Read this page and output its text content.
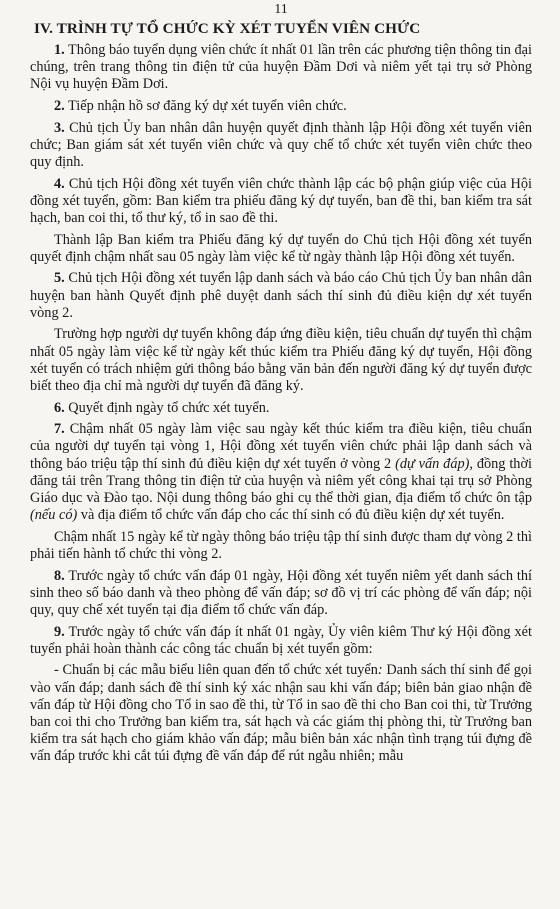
11
IV. TRÌNH TỰ TỔ CHỨC KỲ XÉT TUYỂN VIÊN CHỨC

1. Thông báo tuyển dụng viên chức ít nhất 01 lần trên các phương tiện thông tin đại chúng, trên trang thông tin điện tử của huyện Đầm Dơi và niêm yết tại trụ sở Phòng Nội vụ huyện Đầm Dơi.

2. Tiếp nhận hồ sơ đăng ký dự xét tuyển viên chức.

3. Chủ tịch Ủy ban nhân dân huyện quyết định thành lập Hội đồng xét tuyển viên chức; Ban giám sát xét tuyển viên chức và quy chế tổ chức xét tuyển viên chức theo quy định.

4. Chủ tịch Hội đồng xét tuyển viên chức thành lập các bộ phận giúp việc của Hội đồng xét tuyển, gồm: Ban kiểm tra phiếu đăng ký dự tuyển, ban đề thi, ban kiểm tra sát hạch, ban coi thi, tổ thư ký, tổ in sao đề thi.

Thành lập Ban kiểm tra Phiếu đăng ký dự tuyển do Chủ tịch Hội đồng xét tuyển quyết định chậm nhất sau 05 ngày làm việc kể từ ngày thành lập Hội đồng xét tuyển.

5. Chủ tịch Hội đồng xét tuyển lập danh sách và báo cáo Chủ tịch Ủy ban nhân dân huyện ban hành Quyết định phê duyệt danh sách thí sinh đủ điều kiện dự xét tuyển vòng 2.

Trường hợp người dự tuyển không đáp ứng điều kiện, tiêu chuẩn dự tuyển thì chậm nhất 05 ngày làm việc kể từ ngày kết thúc kiểm tra Phiếu đăng ký dự tuyển, Hội đồng xét tuyển có trách nhiệm gửi thông báo bằng văn bản đến người đăng ký dự tuyển được biết theo địa chỉ mà người dự tuyển đã đăng ký.

6. Quyết định ngày tổ chức xét tuyển.

7. Chậm nhất 05 ngày làm việc sau ngày kết thúc kiểm tra điều kiện, tiêu chuẩn của người dự tuyển tại vòng 1, Hội đồng xét tuyển viên chức phải lập danh sách và thông báo triệu tập thí sinh đủ điều kiện dự xét tuyển ở vòng 2 (dự vấn đáp), đồng thời đăng tải trên Trang thông tin điện tử của huyện và niêm yết công khai tại trụ sở Phòng Giáo dục và Đào tạo. Nội dung thông báo ghi cụ thể thời gian, địa điểm tổ chức ôn tập (nếu có) và địa điểm tổ chức vấn đáp cho các thí sinh có đủ điều kiện dự xét tuyển.

Chậm nhất 15 ngày kể từ ngày thông báo triệu tập thí sinh được tham dự vòng 2 thì phải tiến hành tổ chức thi vòng 2.

8. Trước ngày tổ chức vấn đáp 01 ngày, Hội đồng xét tuyển niêm yết danh sách thí sinh theo số báo danh và theo phòng để vấn đáp; sơ đồ vị trí các phòng để vấn đáp; nội quy, quy chế xét tuyển tại địa điểm tổ chức vấn đáp.

9. Trước ngày tổ chức vấn đáp ít nhất 01 ngày, Ủy viên kiêm Thư ký Hội đồng xét tuyển phải hoàn thành các công tác chuẩn bị xét tuyển gồm:

- Chuẩn bị các mẫu biểu liên quan đến tổ chức xét tuyển: Danh sách thí sinh để gọi vào vấn đáp; danh sách đề thí sinh ký xác nhận sau khi vấn đáp; biên bản giao nhận đề vấn đáp từ Hội đồng cho Tổ in sao đề thi, từ Tổ in sao đề thi cho Ban coi thi, từ Trưởng ban coi thi cho Trưởng ban kiểm tra, sát hạch và các giám thị phòng thi, từ Trưởng ban kiểm tra sát hạch cho giám khảo vấn đáp; mẫu biên bản xác nhận tình trạng túi đựng đề vấn đáp trước khi cắt túi đựng đề vấn đáp để rút ngẫu nhiên; mẫu
